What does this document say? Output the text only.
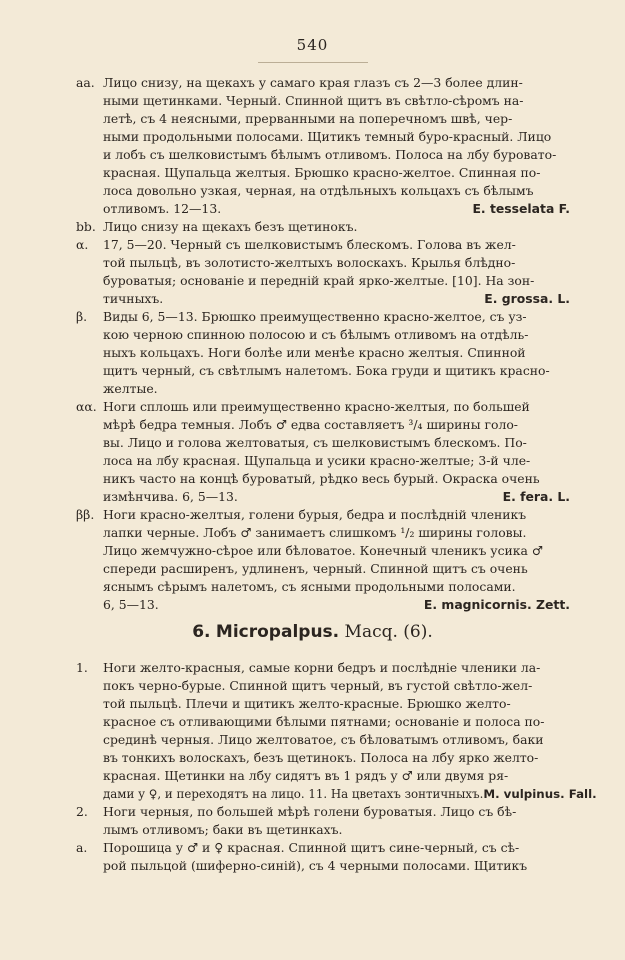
540
aa. Лицо снизу, на щекахъ у самаго края глазъ съ 2—3 более длин-
ными щетинками. Черный. Спинной щитъ въ свѣтло-сѣромъ на-
летѣ, съ 4 неясными, прерванными на поперечномъ швѣ, чер-
ными продольными полосами. Щитикъ темный буро-красный. Лицо
и лобъ съ шелковистымъ бѣлымъ отливомъ. Полоса на лбу буровато-
красная. Щупальца желтыя. Брюшко красно-желтое. Спинная по-
лоса довольно узкая, черная, на отдѣльныхъ кольцахъ съ бѣлымъ
отливомъ. 12—13.	E. tesselata F.
bb. Лицо снизу на щекахъ безъ щетинокъ.
α.	17, 5—20. Черный съ шелковистымъ блескомъ. Голова въ жел-
той пыльцѣ, въ золотисто-желтыхъ волоскахъ. Крылья блѣдно-
буроватыя; основаніе и передній край ярко-желтые. [10]. На зон-
тичныхъ.	E. grossa. L.
β.	Виды 6, 5—13. Брюшко преимущественно красно-желтое, съ уз-
кою черною спинною полосою и съ бѣлымъ отливомъ на отдѣль-
ныхъ кольцахъ. Ноги болѣе или менѣе красно желтыя. Спинной
щитъ черный, съ свѣтлымъ налетомъ. Бока груди и щитикъ красно-
желтые.
αα. Ноги сплошь или преимущественно красно-желтыя, по большей
мѣрѣ бедра темныя. Лобъ ♂ едва составляетъ ³/₄ ширины голо-
вы. Лицо и голова желтоватыя, съ шелковистымъ блескомъ. По-
лоса на лбу красная. Щупальца и усики красно-желтые; 3-й чле-
никъ часто на концѣ буроватый, рѣдко весь бурый. Окраска очень
измѣнчива. 6, 5—13.	E. fera. L.
ββ. Ноги красно-желтыя, голени бурыя, бедра и послѣдній членикъ
лапки черные. Лобъ ♂ занимаетъ слишкомъ ¹/₂ ширины головы.
Лицо жемчужно-сѣрое или бѣловатое. Конечный членикъ усика ♂
спереди расширенъ, удлиненъ, черный. Спинной щитъ съ очень
яснымъ сѣрымъ налетомъ, съ ясными продольными полосами.
6, 5—13.	E. magnicornis. Zett.
6. Micropalpus. Macq. (6).
1.	Ноги желто-красныя, самые корни бедръ и послѣдніе членики ла-
покъ черно-бурые. Спинной щитъ черный, въ густой свѣтло-жел-
той пыльцѣ. Плечи и щитикъ желто-красные. Брюшко желто-
красное съ отливающими бѣлыми пятнами; основаніе и полоса по-
срединѣ черныя. Лицо желтоватое, съ бѣловатымъ отливомъ, баки
въ тонкихъ волоскахъ, безъ щетинокъ. Полоса на лбу ярко желто-
красная. Щетинки на лбу сидятъ въ 1 рядъ у ♂ или двумя ря-
дами у ♀, и переходятъ на лицо. 11. На цветахъ зонтичныхъ. M. vulpinus. Fall.
2.	Ноги черныя, по большей мѣрѣ голени буроватыя. Лицо съ бѣ-
лымъ отливомъ; баки въ щетинкахъ.
a.	Порошица у ♂ и ♀ красная. Спинной щитъ сине-черный, съ сѣ-
рой пыльцой (шиферно-синій), съ 4 черными полосами. Щитикъ
